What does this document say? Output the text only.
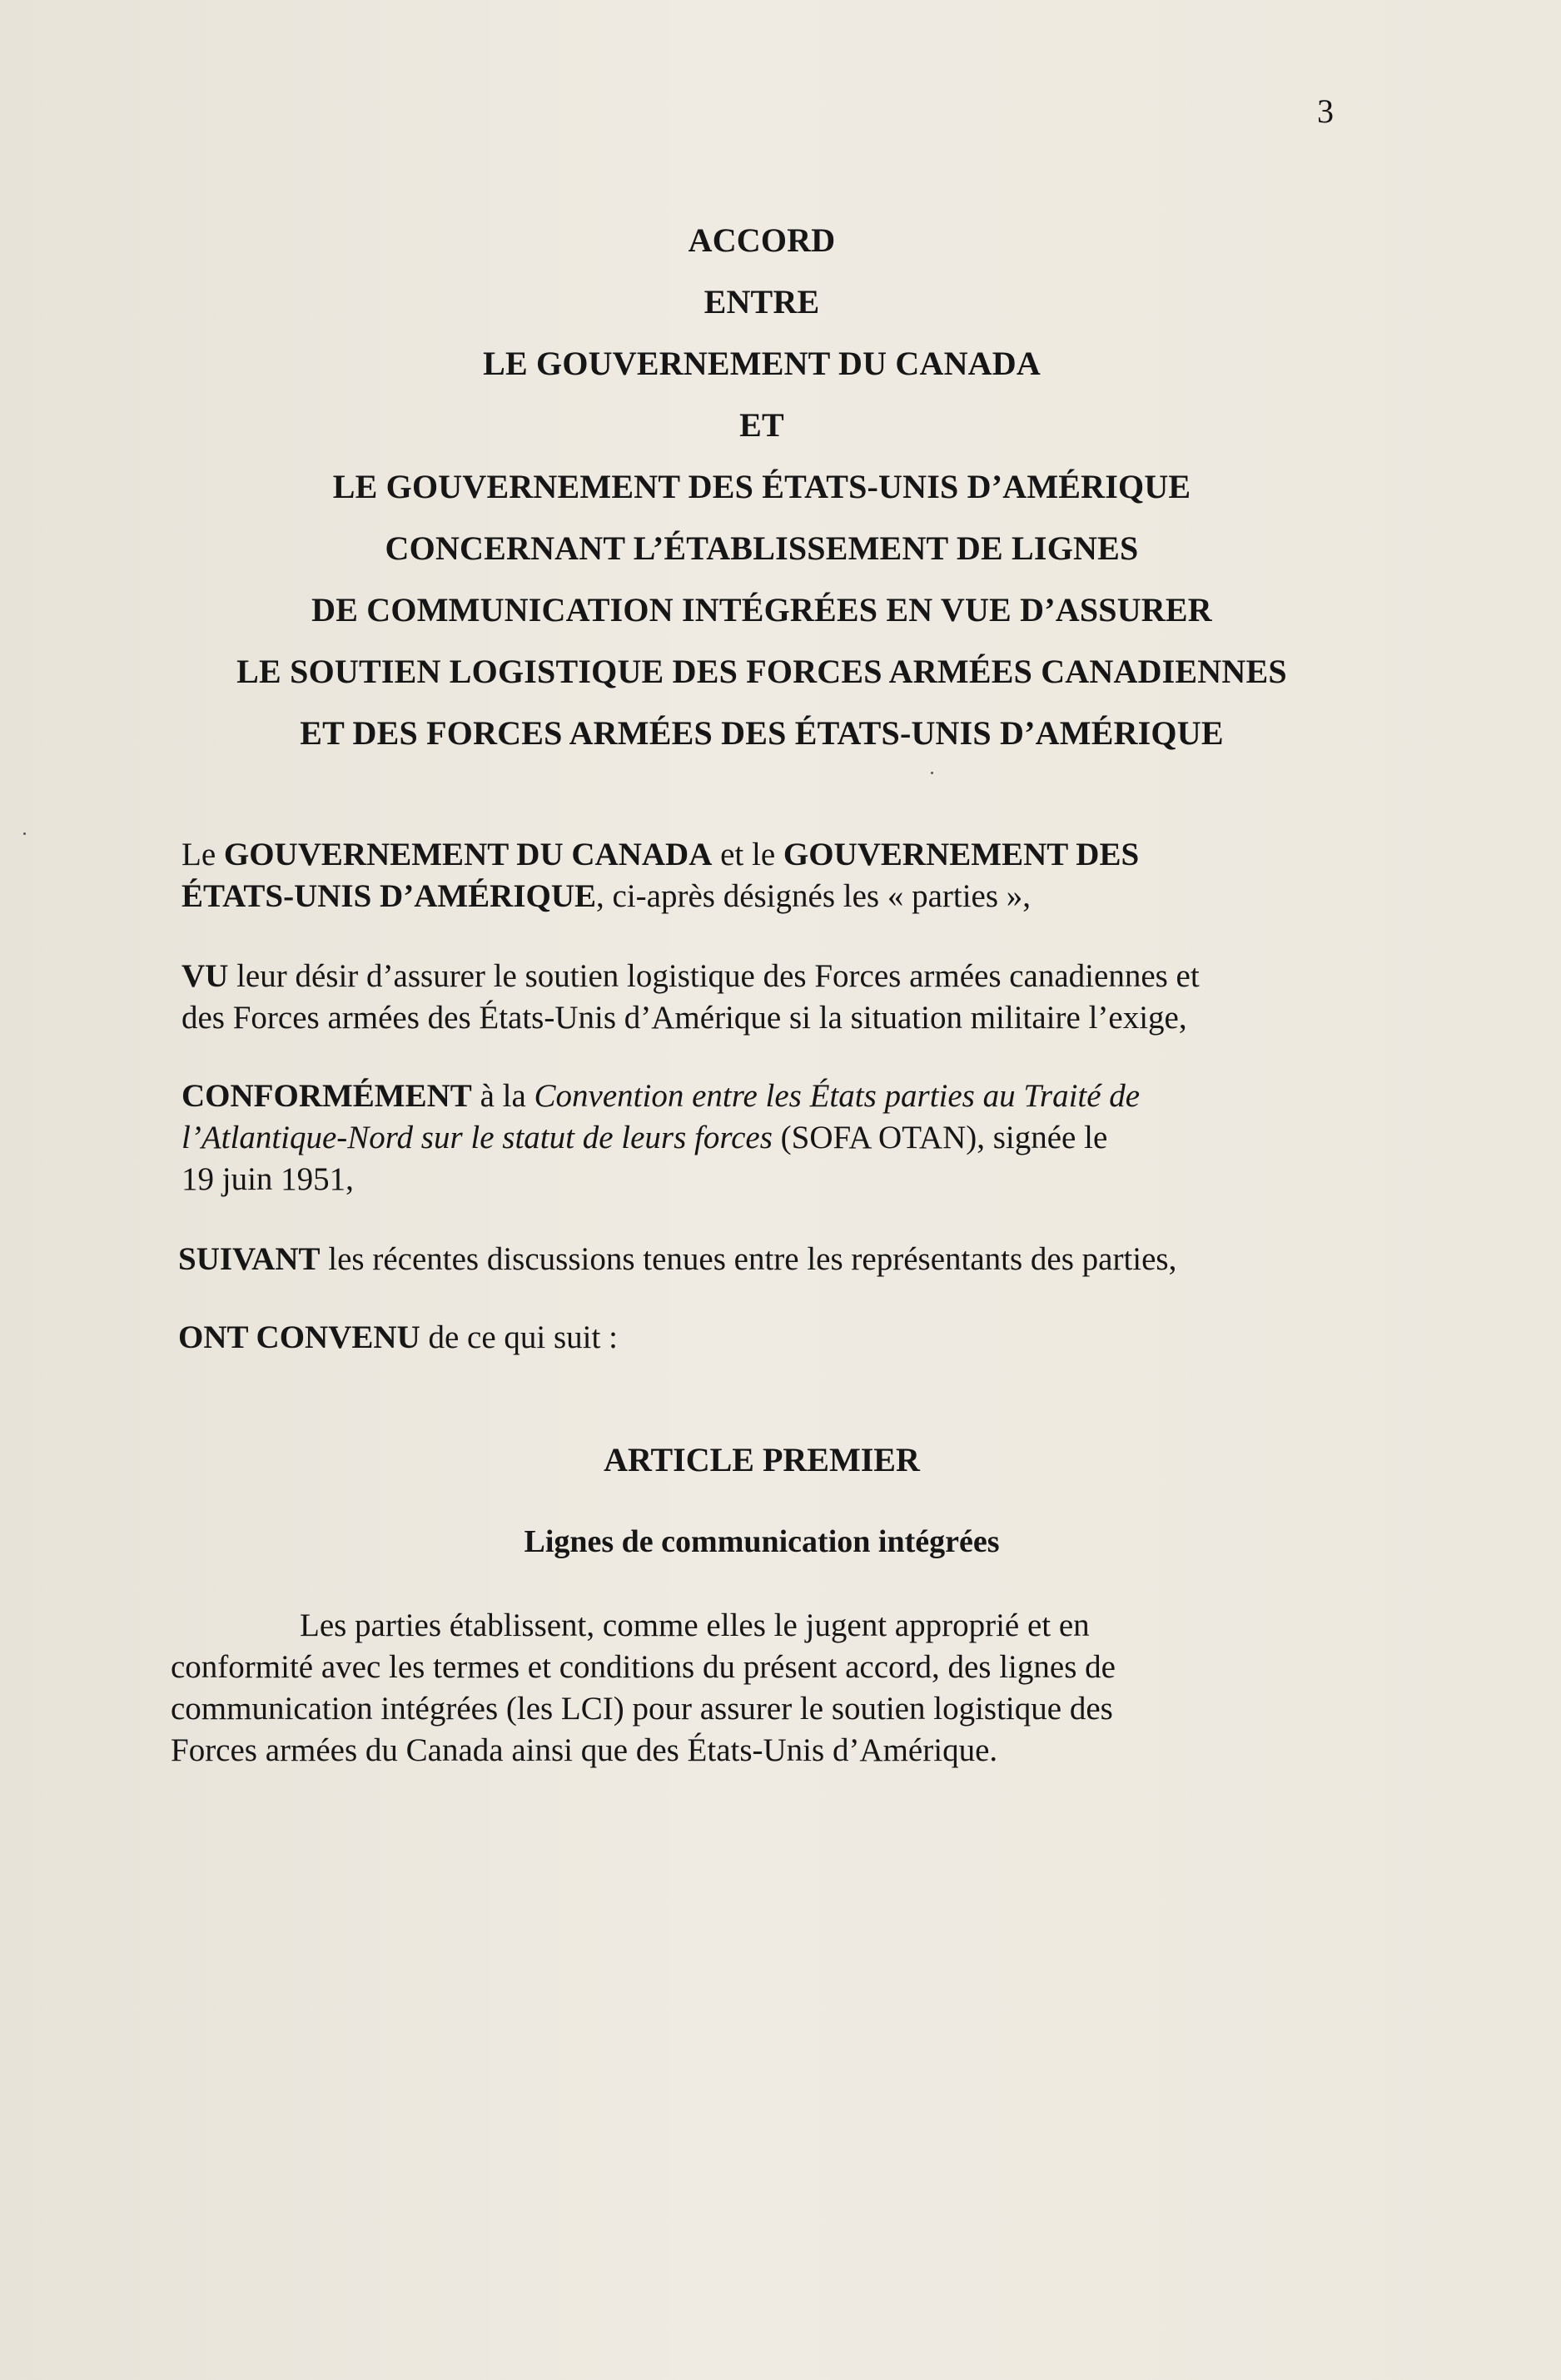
3
ACCORD
ENTRE
LE GOUVERNEMENT DU CANADA
ET
LE GOUVERNEMENT DES ÉTATS-UNIS D’AMÉRIQUE
CONCERNANT L’ÉTABLISSEMENT DE LIGNES
DE COMMUNICATION INTÉGRÉES EN VUE D’ASSURER
LE SOUTIEN LOGISTIQUE DES FORCES ARMÉES CANADIENNES
ET DES FORCES ARMÉES DES ÉTATS-UNIS D’AMÉRIQUE
Le GOUVERNEMENT DU CANADA et le GOUVERNEMENT DES
ÉTATS-UNIS D’AMÉRIQUE, ci-après désignés les « parties »,
VU leur désir d’assurer le soutien logistique des Forces armées canadiennes et
des Forces armées des États-Unis d’Amérique si la situation militaire l’exige,
CONFORMÉMENT à la Convention entre les États parties au Traité de
l’Atlantique-Nord sur le statut de leurs forces (SOFA OTAN), signée le
19 juin 1951,
SUIVANT les récentes discussions tenues entre les représentants des parties,
ONT CONVENU de ce qui suit :
ARTICLE PREMIER
Lignes de communication intégrées
Les parties établissent, comme elles le jugent approprié et en
conformité avec les termes et conditions du présent accord, des lignes de
communication intégrées (les LCI) pour assurer le soutien logistique des
Forces armées du Canada ainsi que des États-Unis d’Amérique.
